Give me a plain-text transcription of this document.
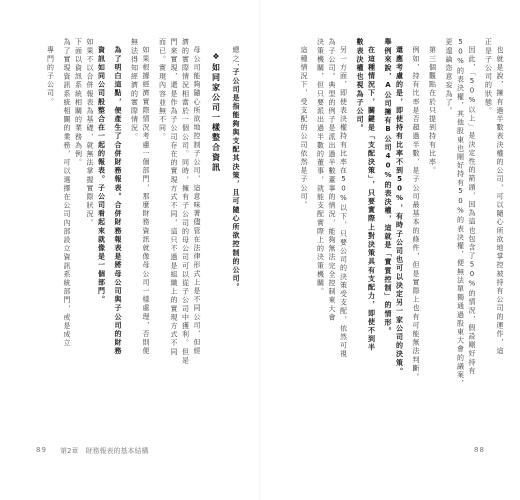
總之，
子公司是指能夠與支配其決策，且可隨心所欲控制的公司。
❖如同家公司一樣整合資訊
母公司能夠隨心所欲地控制子公司，這意味著儘管在法律形式上是不同公司，但經
濟的實際情況相當於一個公司。同時，擁有子公司的母公司可以從子公司中獲利。但是
門來實現，還是作為子公司存在的實現方式不同，這只不過是組織上的實現方式不同
而已。實現內容並無不同。
如果根據經濟實際情況考慮一個部門，那麼財務資訊就像母公司一樣處理，否則便
無法得知經濟的實際情況。
為了明白這點，便產生了合併財務報表。合併財務報表是將母公司與子公司的財務
資訊如同公司般整合在一起的報表。子公司看起來就像是一個部門。
如果不以合併報表為基礎，就無法掌握實際狀況。
下面以資訊系統相關的業務為例。
為了實現資訊系統相關的業務，可以選擇在公司內部設立資訊系統部門，或是成立
專門的子公司。
89 第2章　財務報表的基本結構
也就是說，擁有過半數表決權的公司，可以隨心所欲地掌控被持有公司的運作，這
正是子公司的狀態。
因此，「50%以上」是決定性的箭頭，因為這也包含了50%的情況，假設剛好持有
50%的表決權，其他股東也剛好持有50%的表決權，便無法單獨通過股東大會的議案，
更遑論恣意妄為了。
第三個觀點在於只提到持有比率。
例如，持有比率是否超過半數，是子公司最基本的條件，但是實際上也有可能無法判斷。
還應考慮的是，即使持有比率不到50%，有時子公司也可以決定另一家公司的決策。
舉例來說，A公司擁有B公司40%的表決權，這就是「實質控制」的情形。
在這種情況下，關鍵是「支配決策」，只要實際上對決策具有支配力，即使不到半
數表決權也視為子公司。
另一方面，即使表決權持有比率在50%以下，只要公司的決策受支配，依然可視
為子公司。典型的例子是派出過半數董事的情況，能夠無法完全控制東大會
決策機關，但只要派出過半數的董事，就能支配實際上的決策機關。
這種情況下，受支配的公司依然是子公司。
88
